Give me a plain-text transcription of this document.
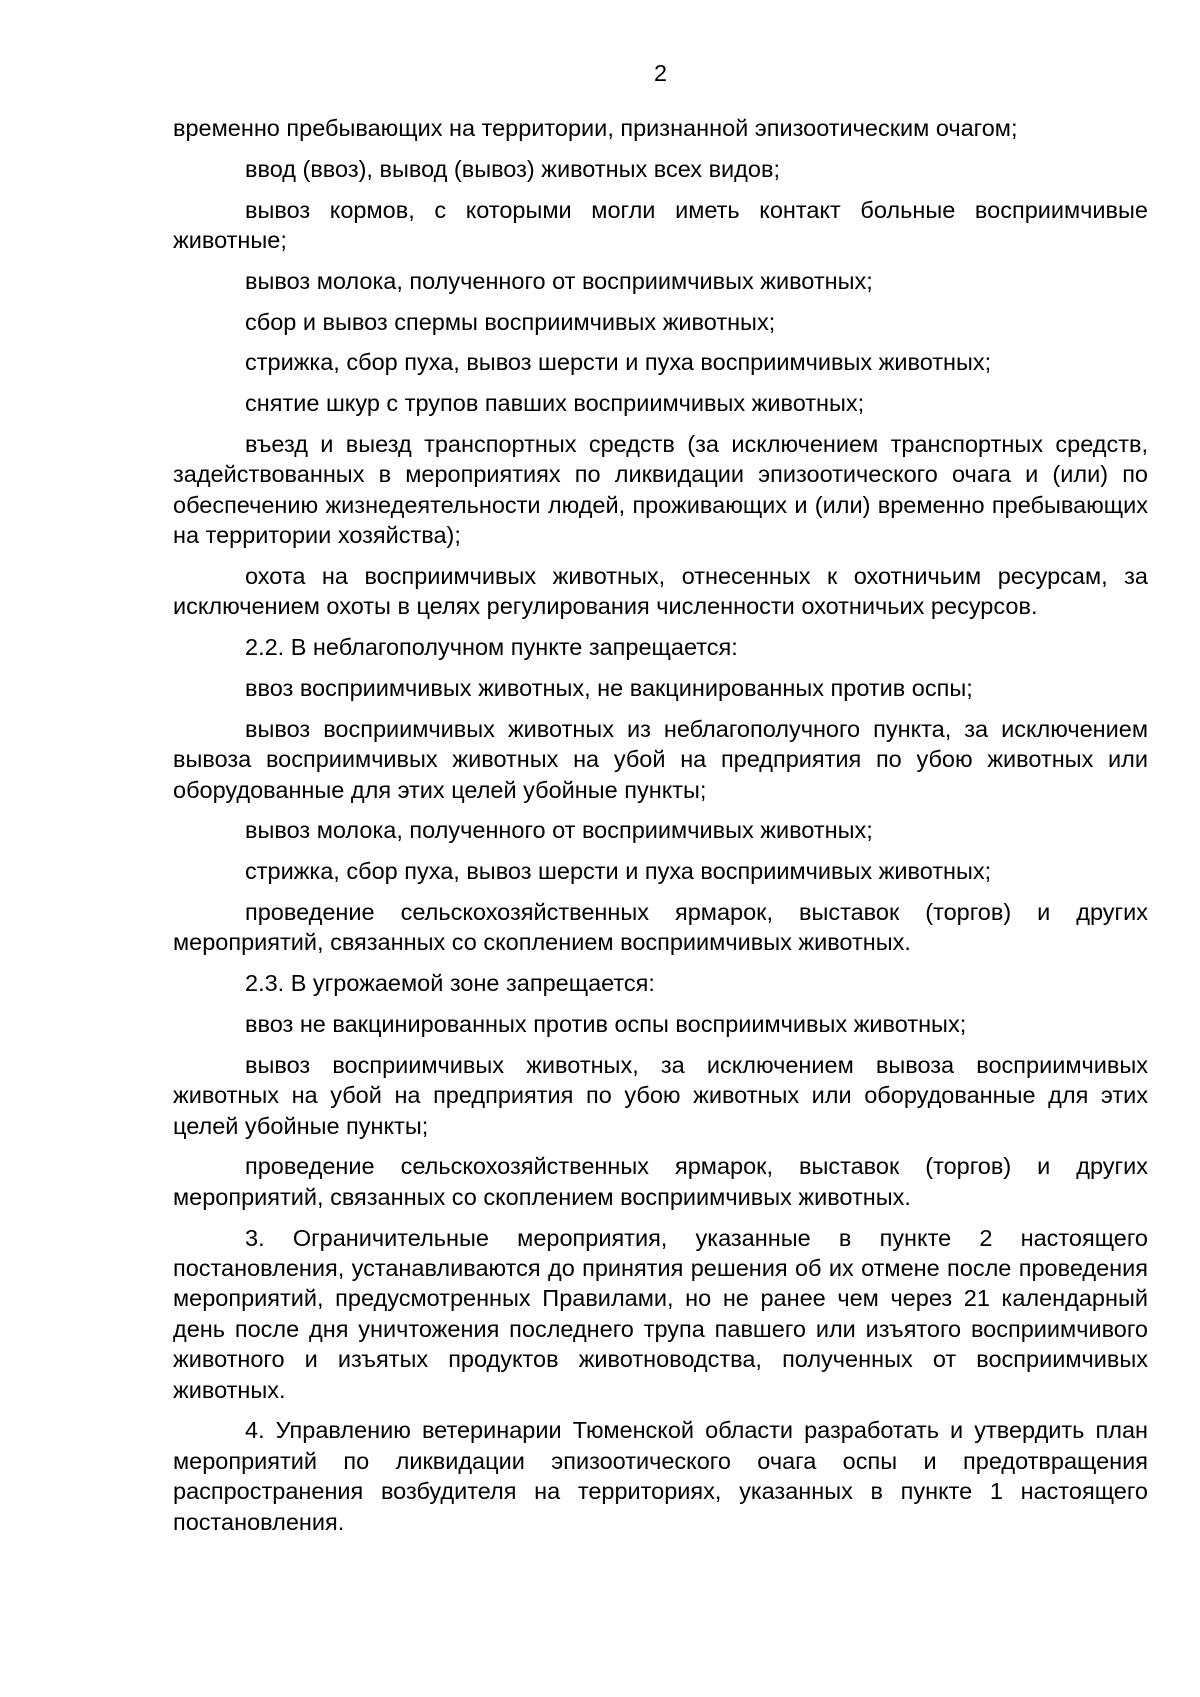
2

временно пребывающих на территории, признанной эпизоотическим очагом;

ввод (ввоз), вывод (вывоз) животных всех видов;

вывоз кормов, с которыми могли иметь контакт больные восприимчивые животные;

вывоз молока, полученного от восприимчивых животных;

сбор и вывоз спермы восприимчивых животных;

стрижка, сбор пуха, вывоз шерсти и пуха восприимчивых животных;

снятие шкур с трупов павших восприимчивых животных;

въезд и выезд транспортных средств (за исключением транспортных средств, задействованных в мероприятиях по ликвидации эпизоотического очага и (или) по обеспечению жизнедеятельности людей, проживающих и (или) временно пребывающих на территории хозяйства);

охота на восприимчивых животных, отнесенных к охотничьим ресурсам, за исключением охоты в целях регулирования численности охотничьих ресурсов.

2.2. В неблагополучном пункте запрещается:

ввоз восприимчивых животных, не вакцинированных против оспы;

вывоз восприимчивых животных из неблагополучного пункта, за исключением вывоза восприимчивых животных на убой на предприятия по убою животных или оборудованные для этих целей убойные пункты;

вывоз молока, полученного от восприимчивых животных;

стрижка, сбор пуха, вывоз шерсти и пуха восприимчивых животных;

проведение сельскохозяйственных ярмарок, выставок (торгов) и других мероприятий, связанных со скоплением восприимчивых животных.

2.3. В угрожаемой зоне запрещается:

ввоз не вакцинированных против оспы восприимчивых животных;

вывоз восприимчивых животных, за исключением вывоза восприимчивых животных на убой на предприятия по убою животных или оборудованные для этих целей убойные пункты;

проведение сельскохозяйственных ярмарок, выставок (торгов) и других мероприятий, связанных со скоплением восприимчивых животных.

3. Ограничительные мероприятия, указанные в пункте 2 настоящего постановления, устанавливаются до принятия решения об их отмене после проведения мероприятий, предусмотренных Правилами, но не ранее чем через 21 календарный день после дня уничтожения последнего трупа павшего или изъятого восприимчивого животного и изъятых продуктов животноводства, полученных от восприимчивых животных.

4. Управлению ветеринарии Тюменской области разработать и утвердить план мероприятий по ликвидации эпизоотического очага оспы и предотвращения распространения возбудителя на территориях, указанных в пункте 1 настоящего постановления.
